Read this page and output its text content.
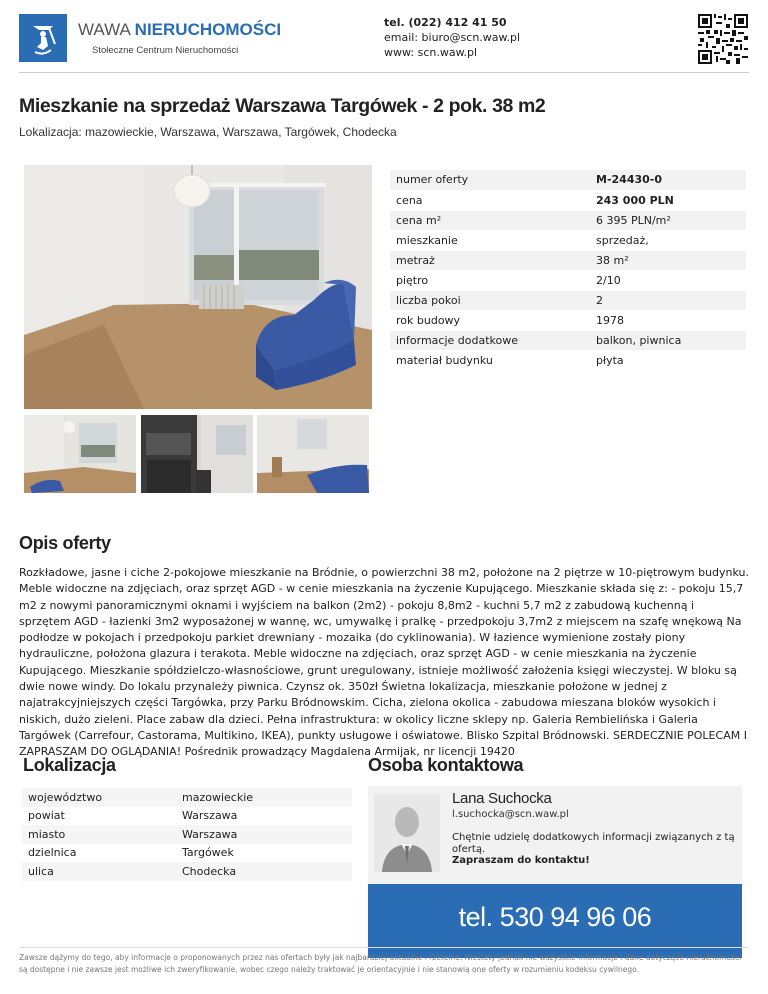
WAWA NIERUCHOMOŚCI
Stołeczne Centrum Nieruchomości
tel. (022) 412 41 50
email: biuro@scn.waw.pl
www: scn.waw.pl
Mieszkanie na sprzedaż Warszawa Targówek - 2 pok. 38 m2
Lokalizacja: mazowieckie, Warszawa, Warszawa, Targówek, Chodecka
numer oferty	M-24430-0
cena	243 000 PLN
cena m²	6 395 PLN/m²
mieszkanie	sprzedaż,
metraż	38 m²
piętro	2/10
liczba pokoi	2
rok budowy	1978
informacje dodatkowe	balkon, piwnica
materiał budynku	płyta
Opis oferty

Rozkładowe, jasne i ciche 2-pokojowe mieszkanie na Bródnie, o powierzchni 38 m2, położone na 2 piętrze w 10-piętrowym budynku. Meble widoczne na zdjęciach, oraz sprzęt AGD - w cenie mieszkania na życzenie Kupującego. Mieszkanie składa się z: - pokoju 15,7 m2 z nowymi panoramicznymi oknami i wyjściem na balkon (2m2) - pokoju 8,8m2 - kuchni 5,7 m2 z zabudową kuchenną i sprzętem AGD - łazienki 3m2 wyposażonej w wannę, wc, umywalkę i pralkę - przedpokoju 3,7m2 z miejscem na szafę wnękową Na podłodze w pokojach i przedpokoju parkiet drewniany - mozaika (do cyklinowania). W łazience wymienione zostały piony hydrauliczne, położona glazura i terakota. Meble widoczne na zdjęciach, oraz sprzęt AGD - w cenie mieszkania na życzenie Kupującego. Mieszkanie spółdzielczo-własnościowe, grunt uregulowany, istnieje możliwość założenia księgi wieczystej. W bloku są dwie nowe windy. Do lokalu przynależy piwnica. Czynsz ok. 350zł Świetna lokalizacja, mieszkanie położone w jednej z najatrakcyjniejszych części Targówka, przy Parku Bródnowskim. Cicha, zielona okolica - zabudowa mieszana bloków wysokich i niskich, dużo zieleni. Place zabaw dla dzieci. Pełna infrastruktura: w okolicy liczne sklepy np. Galeria Rembielińska i Galeria Targówek (Carrefour, Castorama, Multikino, IKEA), punkty usługowe i oświatowe. Blisko Szpital Bródnowski. SERDECZNIE POLECAM I ZAPRASZAM DO OGLĄDANIA! Pośrednik prowadzący Magdalena Armijak, nr licencji 19420

Lokalizacja
województwo	mazowieckie
powiat	Warszawa
miasto	Warszawa
dzielnica	Targówek
ulica	Chodecka
Osoba kontaktowa
Lana Suchocka
l.suchocka@scn.waw.pl
Chętnie udzielę dodatkowych informacji związanych z tą ofertą.
Zapraszam do kontaktu!
tel. 530 94 96 06
Zawsze dążymy do tego, aby informacje o proponowanych przez nas ofertach były jak najbardziej aktualne i rzetelne. Niestety jednak nie wszystkie informacje i dane dotyczące nieruchomości są dostępne i nie zawsze jest możliwe ich zweryfikowanie, wobec czego należy traktować je orientacyjnie i nie stanowią one oferty w rozumieniu kodeksu cywilnego.
